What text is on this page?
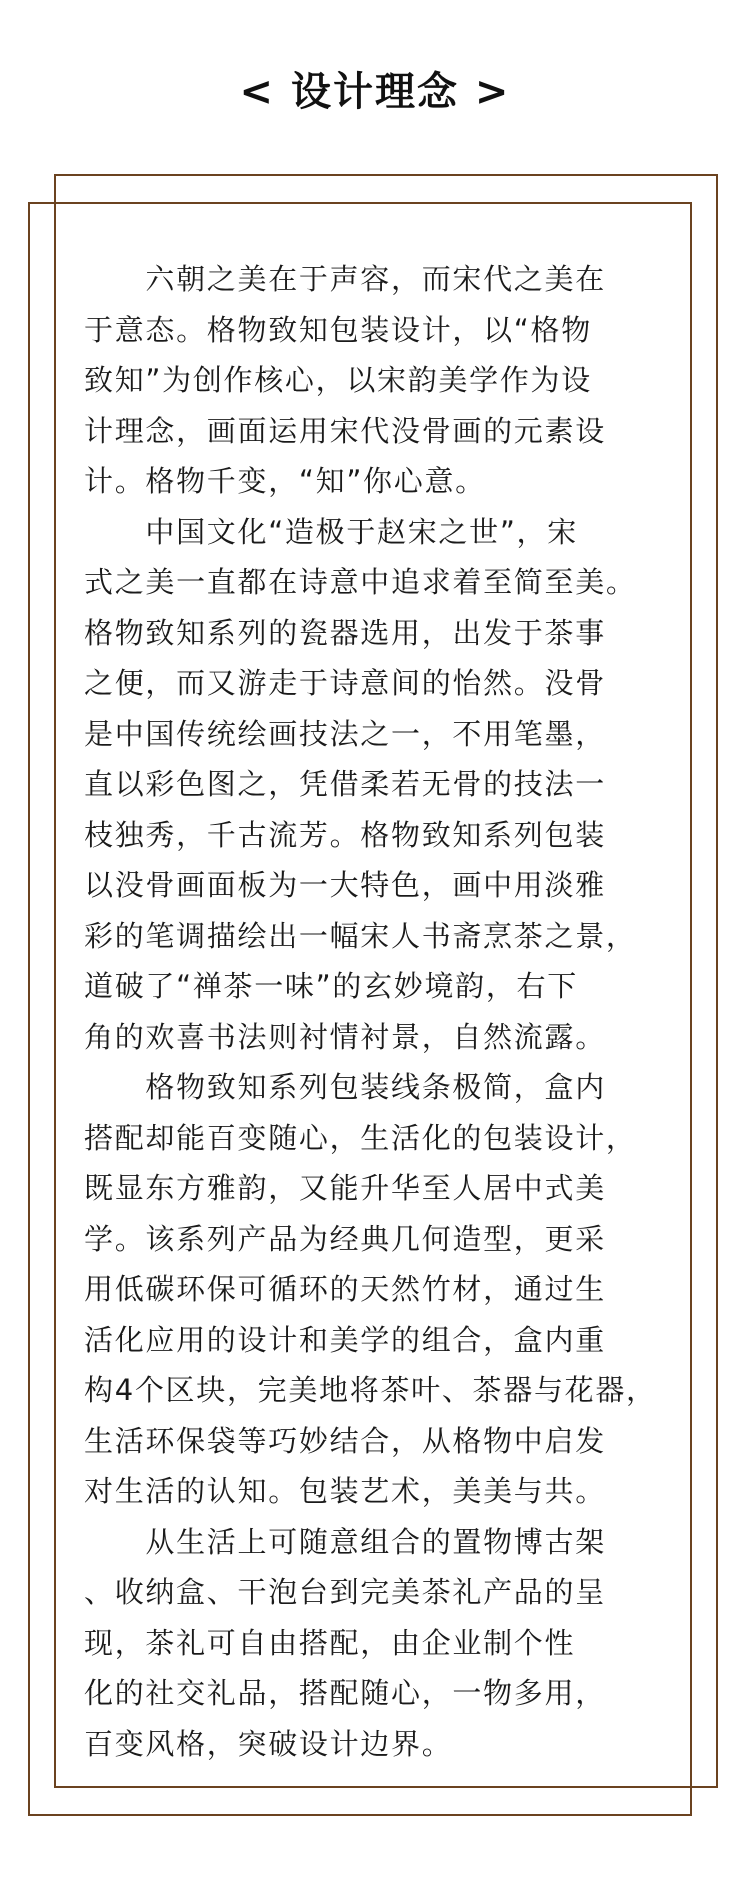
< 设计理念 >
　　六朝之美在于声容，而宋代之美在
于意态。格物致知包装设计，以“格物
致知”为创作核心，以宋韵美学作为设
计理念，画面运用宋代没骨画的元素设
计。格物千变，“知”你心意。
　　中国文化“造极于赵宋之世”，宋
式之美一直都在诗意中追求着至简至美。
格物致知系列的瓷器选用，出发于茶事
之便，而又游走于诗意间的怡然。没骨
是中国传统绘画技法之一，不用笔墨，
直以彩色图之，凭借柔若无骨的技法一
枝独秀，千古流芳。格物致知系列包装
以没骨画面板为一大特色，画中用淡雅
彩的笔调描绘出一幅宋人书斋烹茶之景，
道破了“禅茶一味”的玄妙境韵，右下
角的欢喜书法则衬情衬景，自然流露。
　　格物致知系列包装线条极简，盒内
搭配却能百变随心，生活化的包装设计，
既显东方雅韵，又能升华至人居中式美
学。该系列产品为经典几何造型，更采
用低碳环保可循环的天然竹材，通过生
活化应用的设计和美学的组合，盒内重
构4个区块，完美地将茶叶、茶器与花器，
生活环保袋等巧妙结合，从格物中启发
对生活的认知。包装艺术，美美与共。
　　从生活上可随意组合的置物博古架
、收纳盒、干泡台到完美茶礼产品的呈
现，茶礼可自由搭配，由企业制个性
化的社交礼品，搭配随心，一物多用，
百变风格，突破设计边界。
